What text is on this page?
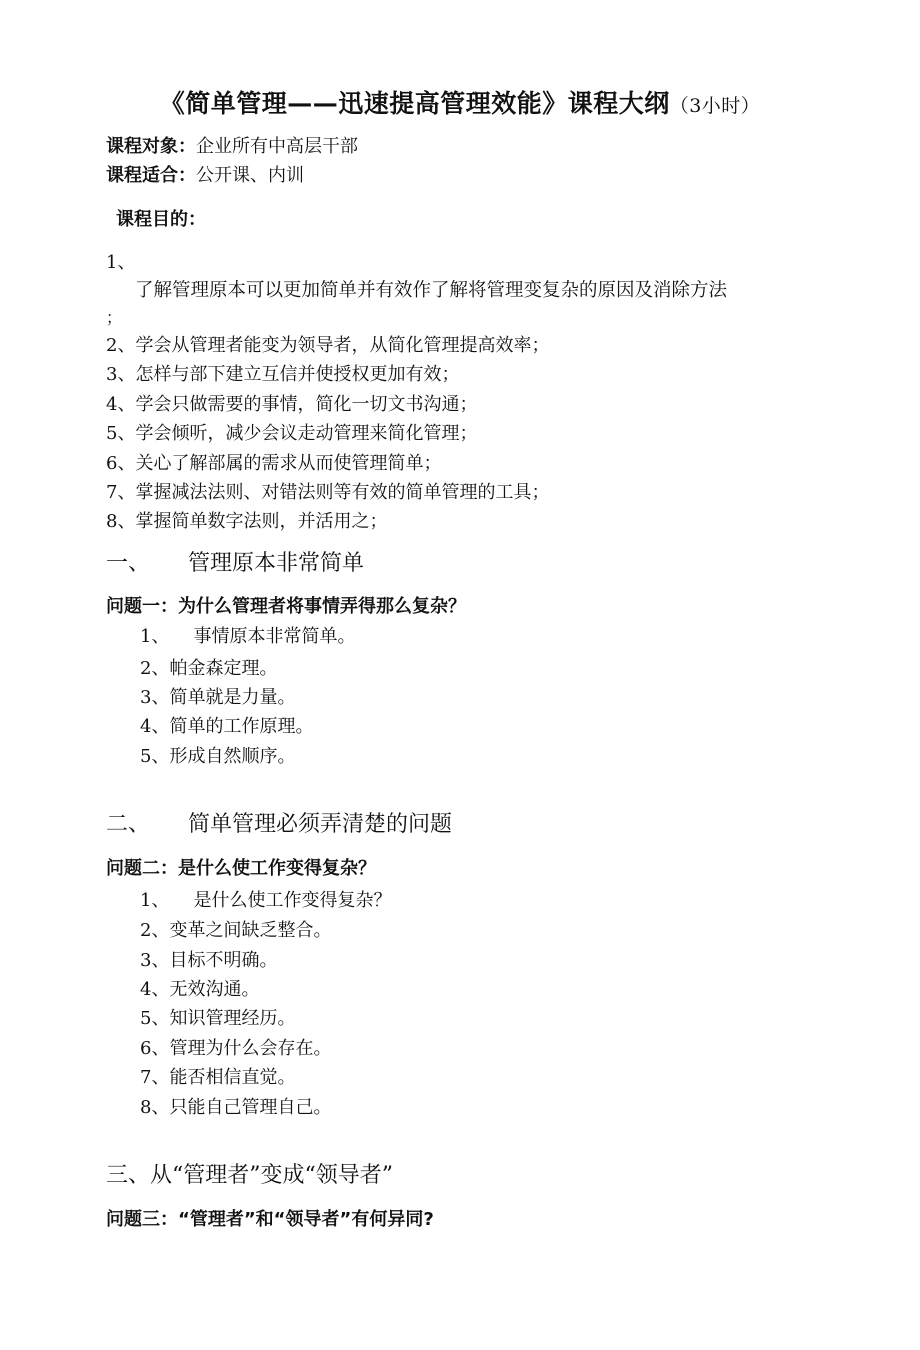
《简单管理——迅速提高管理效能》课程大纲（3小时）
课程对象：企业所有中高层干部
课程适合：公开课、内训
课程目的：
1、
了解管理原本可以更加简单并有效作了解将管理变复杂的原因及消除方法
；
2、学会从管理者能变为领导者，从简化管理提高效率；
3、怎样与部下建立互信并使授权更加有效；
4、学会只做需要的事情，简化一切文书沟通；
5、学会倾听，减少会议走动管理来简化管理；
6、关心了解部属的需求从而使管理简单；
7、掌握减法法则、对错法则等有效的简单管理的工具；
8、掌握简单数字法则，并活用之；
一、 管理原本非常简单
问题一：为什么管理者将事情弄得那么复杂？
1、 事情原本非常简单。
2、帕金森定理。
3、简单就是力量。
4、简单的工作原理。
5、形成自然顺序。
二、 简单管理必须弄清楚的问题
问题二：是什么使工作变得复杂？
1、 是什么使工作变得复杂？
2、变革之间缺乏整合。
3、目标不明确。
4、无效沟通。
5、知识管理经历。
6、管理为什么会存在。
7、能否相信直觉。
8、只能自己管理自己。
三、从“管理者”变成“领导者”
问题三：“管理者”和“领导者”有何异同?
